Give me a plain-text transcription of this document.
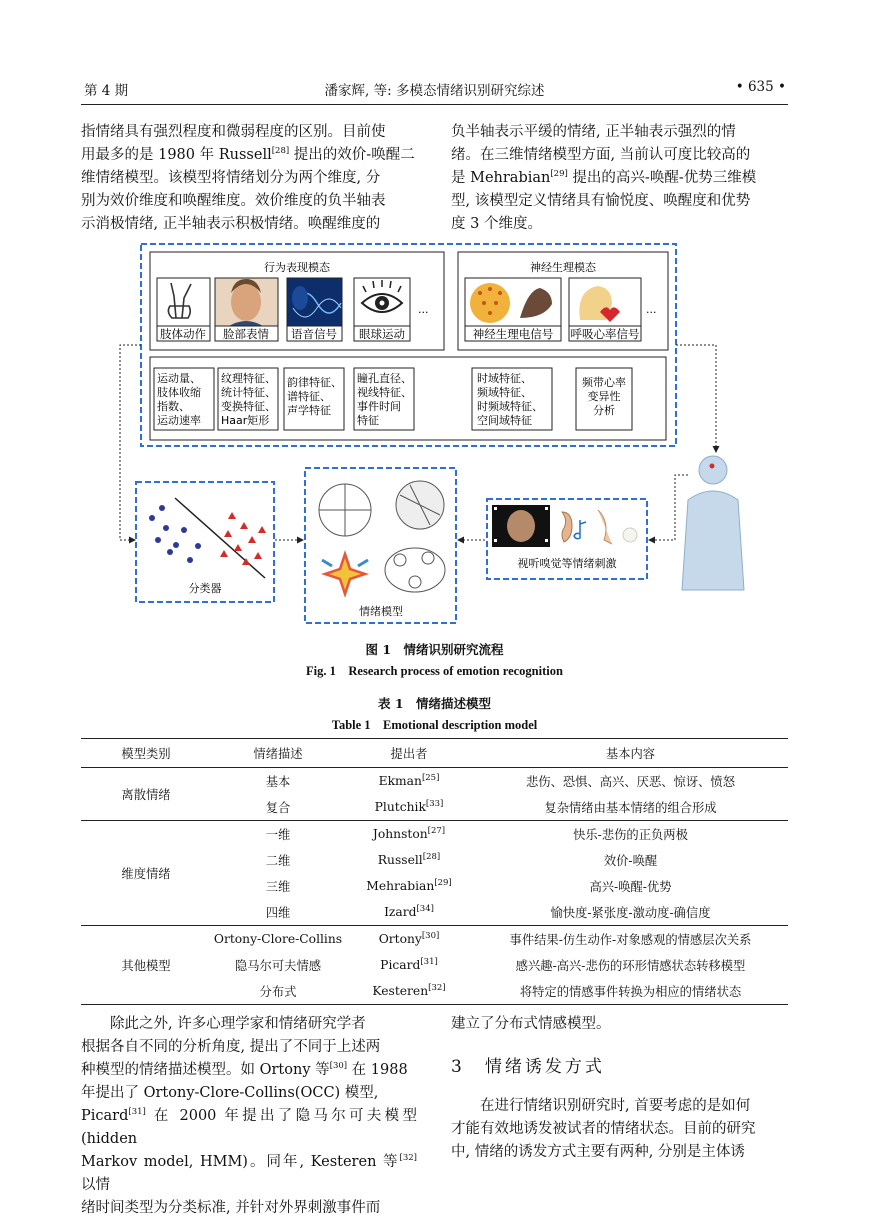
第 4 期	潘家辉, 等: 多模态情绪识别研究综述	• 635 •

指情绪具有强烈程度和微弱程度的区别。目前使

用最多的是 1980 年 Russell[28] 提出的效价-唤醒二

维情绪模型。该模型将情绪划分为两个维度, 分

别为效价维度和唤醒维度。效价维度的负半轴表

示消极情绪, 正半轴表示积极情绪。唤醒维度的

负半轴表示平缓的情绪, 正半轴表示强烈的情

绪。在三维情绪模型方面, 当前认可度比较高的

是 Mehrabian[29] 提出的高兴-唤醒-优势三维模

型, 该模型定义情绪具有愉悦度、唤醒度和优势

度 3 个维度。

行为表现模态
...
肢体动作 脸部表情 语音信号 眼球运动
神经生理模态
...
神经生理电信号 呼吸心率信号
运动量、
肢体收缩
指数、
运动速率
纹理特征、
统计特征、
变换特征、
Haar矩形
韵律特征、
谱特征、
声学特征
瞳孔直径、
视线特征、
事件时间
特征
时域特征、
频域特征、
时频域特征、
空间域特征
频带心率
变异性
分析
分类器
情绪模型
视听嗅觉等情绪刺激
图 1　情绪识别研究流程
Fig. 1　Research process of emotion recognition
表 1　情绪描述模型
Table 1　Emotional description model
模型类别	情绪描述	提出者	基本内容
离散情绪	基本	Ekman[25]	悲伤、恐惧、高兴、厌恶、惊讶、愤怒
	复合	Plutchik[33]	复杂情绪由基本情绪的组合形成
维度情绪	一维	Johnston[27]	快乐-悲伤的正负两极
	二维	Russell[28]	效价-唤醒
	三维	Mehrabian[29]	高兴-唤醒-优势
	四维	Izard[34]	愉快度-紧张度-激动度-确信度
其他模型	Ortony-Clore-Collins	Ortony[30]	事件结果-仿生动作-对象感观的情感层次关系
	隐马尔可夫情感	Picard[31]	感兴趣-高兴-悲伤的环形情感状态转移模型
	分布式	Kesteren[32]	将特定的情感事件转换为相应的情绪状态

除此之外, 许多心理学家和情绪研究学者

根据各自不同的分析角度, 提出了不同于上述两

种模型的情绪描述模型。如 Ortony 等[30] 在 1988

年提出了 Ortony-Clore-Collins(OCC) 模型,

Picard[31] 在 2000 年提出了隐马尔可夫模型 (hidden

Markov model, HMM)。同年, Kesteren 等[32] 以情

绪时间类型为分类标准, 并针对外界刺激事件而

建立了分布式情感模型。

3　情绪诱发方式

在进行情绪识别研究时, 首要考虑的是如何

才能有效地诱发被试者的情绪状态。目前的研究

中, 情绪的诱发方式主要有两种, 分别是主体诱
